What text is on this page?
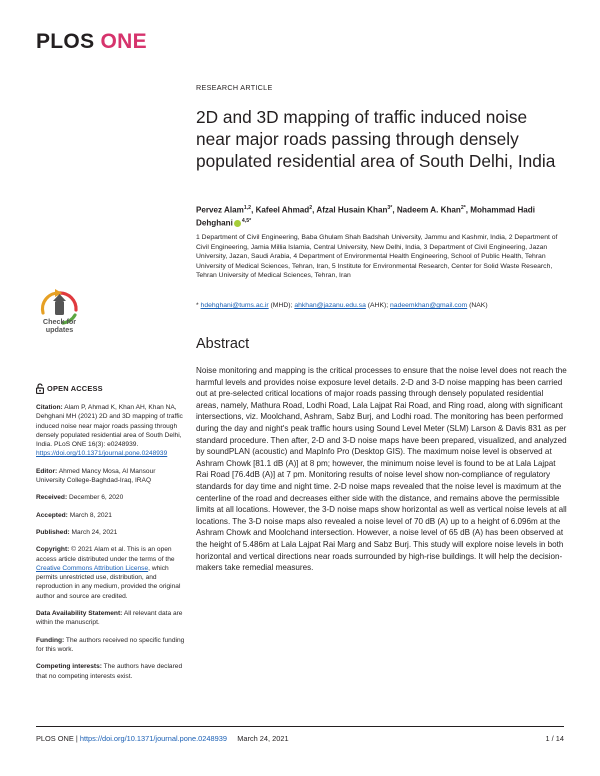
PLOS ONE
RESEARCH ARTICLE
2D and 3D mapping of traffic induced noise near major roads passing through densely populated residential area of South Delhi, India
Pervez Alam$^{1,2}$, Kafeel Ahmad$^2$, Afzal Husain Khan$^{3*}$, Nadeem A. Khan$^{2*}$, Mohammad Hadi Dehghani $^{4,5*}$
1 Department of Civil Engineering, Baba Ghulam Shah Badshah University, Jammu and Kashmir, India, 2 Department of Civil Engineering, Jamia Millia Islamia, Central University, New Delhi, India, 3 Department of Civil Engineering, Jazan University, Jazan, Saudi Arabia, 4 Department of Environmental Health Engineering, School of Public Health, Tehran University of Medical Sciences, Tehran, Iran, 5 Institute for Environmental Research, Center for Solid Waste Research, Tehran University of Medical Sciences, Tehran, Iran
* hdehghani@tums.ac.ir (MHD); ahkhan@jazanu.edu.sa (AHK); nadeemkhan@gmail.com (NAK)
Check for
updates
Abstract

Noise monitoring and mapping is the critical processes to ensure that the noise level does not reach the harmful levels and provides noise exposure level details. 2-D and 3-D noise mapping has been carried out at pre-selected critical locations of major roads passing through densely populated residential areas, namely, Mathura Road, Lodhi Road, Lala Lajpat Rai Road, and Ring road, along with significant intersections, viz. Moolchand, Ashram, Sabz Burj, and Lodhi road. The monitoring has been performed during the day and night's peak traffic hours using Sound Level Meter (SLM) Larson & Davis 831 as per standard procedure. Then after, 2-D and 3-D noise maps have been prepared, visualized, and analyzed by soundPLAN (acoustic) and MapInfo Pro (Desktop GIS). The maximum noise level is observed at Ashram Chowk [81.1 dB (A)] at 8 pm; however, the minimum noise level is found to be at Lala Lajpat Rai Road [76.4dB (A)] at 7 pm. Monitoring results of noise level show non-compliance of regulatory standards for day time and night time. 2-D noise maps revealed that the noise level is maximum at the centerline of the road and decreases either side with the distance, and remains above the permissible limits at all locations. However, the 3-D noise maps show horizontal as well as vertical noise levels at all locations. The 3-D noise maps also revealed a noise level of 70 dB (A) up to a height of 6.096m at the Ashram Chowk and Moolchand intersection. However, a noise level of 65 dB (A) has been observed at the height of 5.486m at Lala Lajpat Rai Marg and Sabz Burj. This study will explore noise levels in both horizontal and vertical directions near roads surrounded by high-rise buildings. It will help the decision-makers take remedial measures.

OPEN ACCESS
Citation: Alam P, Ahmad K, Khan AH, Khan NA, Dehghani MH (2021) 2D and 3D mapping of traffic induced noise near major roads passing through densely populated residential area of South Delhi, India. PLoS ONE 16(3): e0248939. https://doi.org/10.1371/journal.pone.0248939
Editor: Ahmed Mancy Mosa, Al Mansour University College-Baghdad-Iraq, IRAQ
Received: December 6, 2020
Accepted: March 8, 2021
Published: March 24, 2021
Copyright: © 2021 Alam et al. This is an open access article distributed under the terms of the Creative Commons Attribution License, which permits unrestricted use, distribution, and reproduction in any medium, provided the original author and source are credited.
Data Availability Statement: All relevant data are within the manuscript.
Funding: The authors received no specific funding for this work.
Competing interests: The authors have declared that no competing interests exist.
PLOS ONE | https://doi.org/10.1371/journal.pone.0248939 March 24, 2021	1 / 14
